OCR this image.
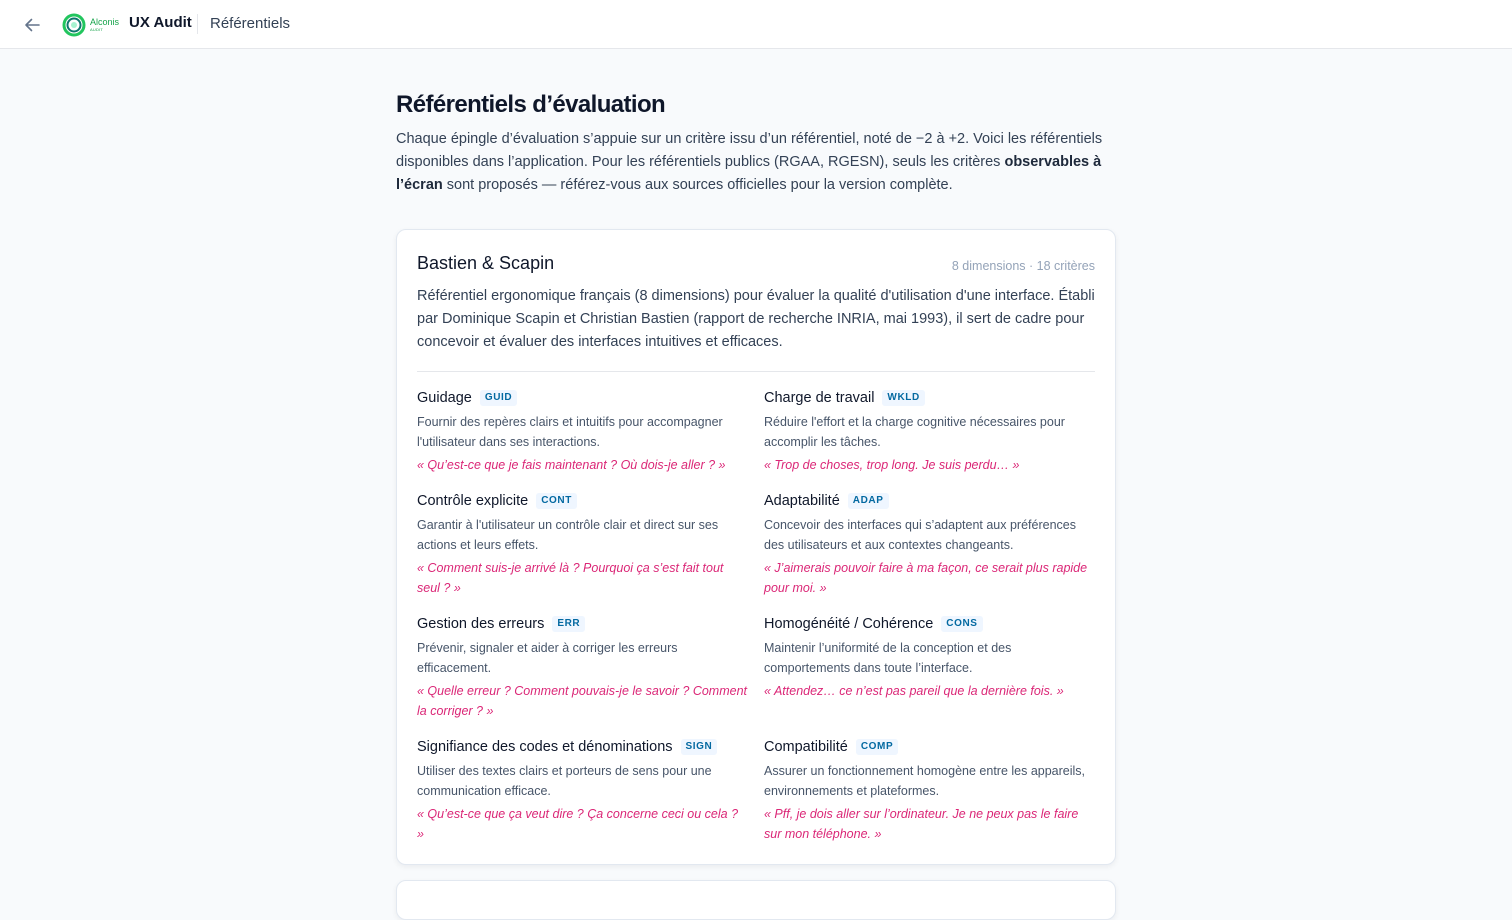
Alconis
AUDIT	UX Audit Référentiels
Référentiels d’évaluation

Chaque épingle d’évaluation s’appuie sur un critère issu d’un référentiel, noté de −2 à +2. Voici les référentiels disponibles dans l’application. Pour les référentiels publics (RGAA, RGESN), seuls les critères observables à l’écran sont proposés — référez-vous aux sources officielles pour la version complète.

Bastien & Scapin	8 dimensions · 18 critères
Référentiel ergonomique français (8 dimensions) pour évaluer la qualité d'utilisation d'une interface. Établi par Dominique Scapin et Christian Bastien (rapport de recherche INRIA, mai 1993), il sert de cadre pour concevoir et évaluer des interfaces intuitives et efficaces.
Guidage	GUID
Fournir des repères clairs et intuitifs pour accompagner l'utilisateur dans ses interactions.
« Qu’est-ce que je fais maintenant ? Où dois-je aller ? »
Charge de travail	WKLD
Réduire l'effort et la charge cognitive nécessaires pour accomplir les tâches.
« Trop de choses, trop long. Je suis perdu… »
Contrôle explicite	CONT
Garantir à l'utilisateur un contrôle clair et direct sur ses actions et leurs effets.
« Comment suis-je arrivé là ? Pourquoi ça s’est fait tout seul ? »
Adaptabilité	ADAP
Concevoir des interfaces qui s’adaptent aux préférences des utilisateurs et aux contextes changeants.
« J’aimerais pouvoir faire à ma façon, ce serait plus rapide pour moi. »
Gestion des erreurs	ERR
Prévenir, signaler et aider à corriger les erreurs efficacement.
« Quelle erreur ? Comment pouvais-je le savoir ? Comment la corriger ? »
Homogénéité / Cohérence	CONS
Maintenir l’uniformité de la conception et des comportements dans toute l’interface.
« Attendez… ce n’est pas pareil que la dernière fois. »
Signifiance des codes et dénominations	SIGN
Utiliser des textes clairs et porteurs de sens pour une communication efficace.
« Qu’est-ce que ça veut dire ? Ça concerne ceci ou cela ? »
Compatibilité	COMP
Assurer un fonctionnement homogène entre les appareils, environnements et plateformes.
« Pff, je dois aller sur l’ordinateur. Je ne peux pas le faire sur mon téléphone. »
